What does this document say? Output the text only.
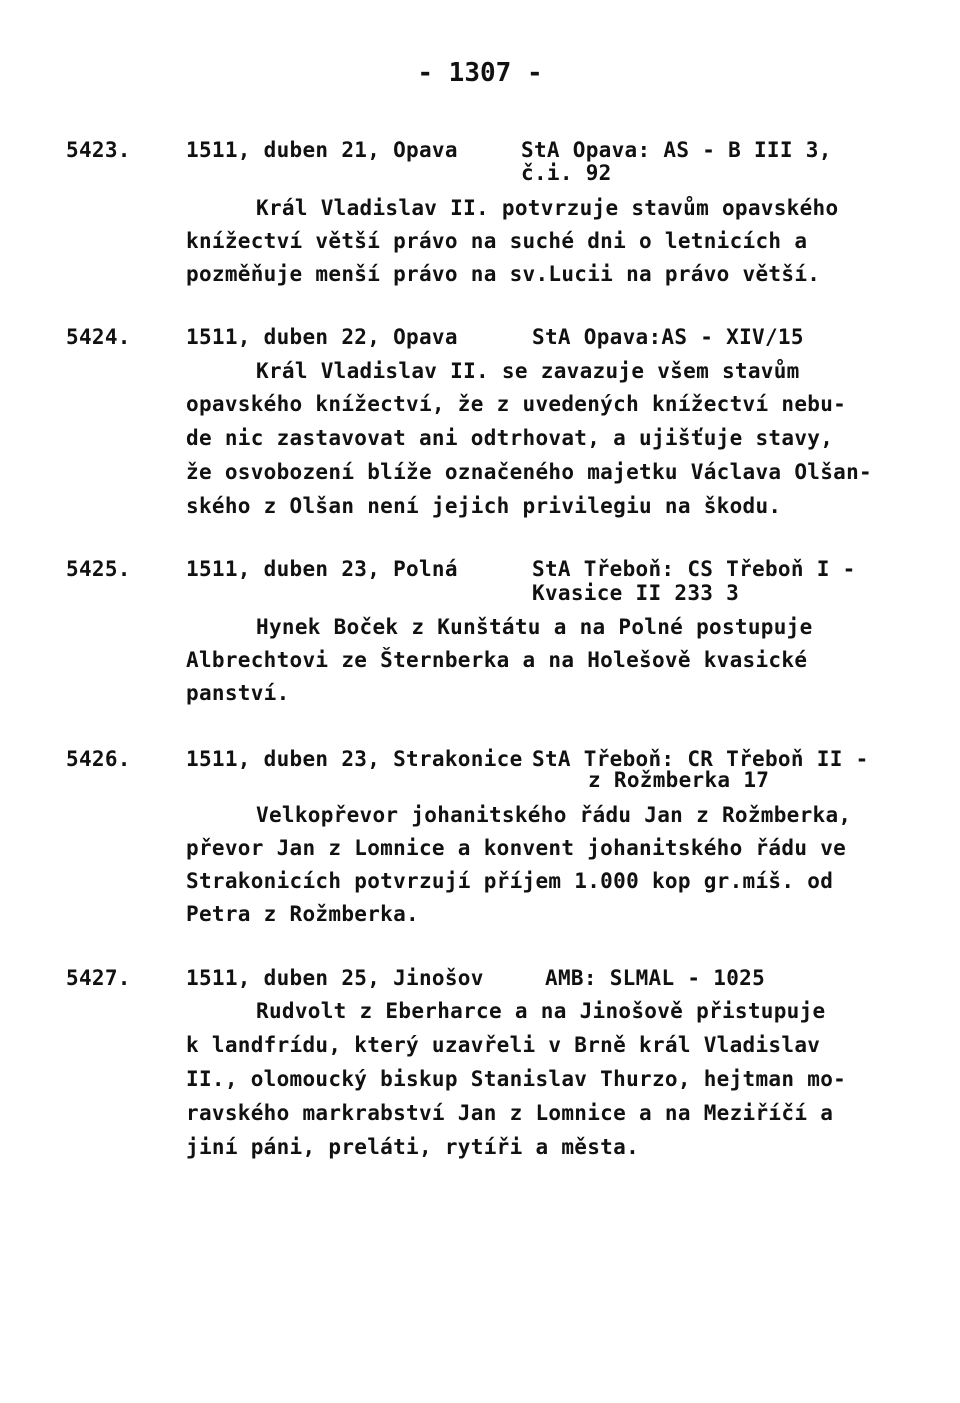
- 1307 -
5423.	1511, duben 21, Opava	StA Opava: AS - B III 3,
č.i. 92
Král Vladislav II. potvrzuje stavům opavského
knížectví větší právo na suché dni o letnicích a
pozměňuje menší právo na sv.Lucii na právo větší.
5424.	1511, duben 22, Opava	StA Opava:AS - XIV/15
Král Vladislav II. se zavazuje všem stavům
opavského knížectví, že z uvedených knížectví nebu-
de nic zastavovat ani odtrhovat, a ujišťuje stavy,
že osvobození blíže označeného majetku Václava Olšan-
ského z Olšan není jejich privilegiu na škodu.
5425.	1511, duben 23, Polná	StA Třeboň: CS Třeboň I -
Kvasice II 233 3
Hynek Boček z Kunštátu a na Polné postupuje
Albrechtovi ze Šternberka a na Holešově kvasické
panství.
5426.	1511, duben 23, Strakonice StA Třeboň: CR Třeboň II -
z Rožmberka 17
Velkopřevor johanitského řádu Jan z Rožmberka,
převor Jan z Lomnice a konvent johanitského řádu ve
Strakonicích potvrzují příjem 1.000 kop gr.míš. od
Petra z Rožmberka.
5427.	1511, duben 25, Jinošov	AMB: SLMAL - 1025
Rudvolt z Eberharce a na Jinošově přistupuje
k landfrídu, který uzavřeli v Brně král Vladislav
II., olomoucký biskup Stanislav Thurzo, hejtman mo-
ravského markrabství Jan z Lomnice a na Meziříčí a
jiní páni, preláti, rytíři a města.
